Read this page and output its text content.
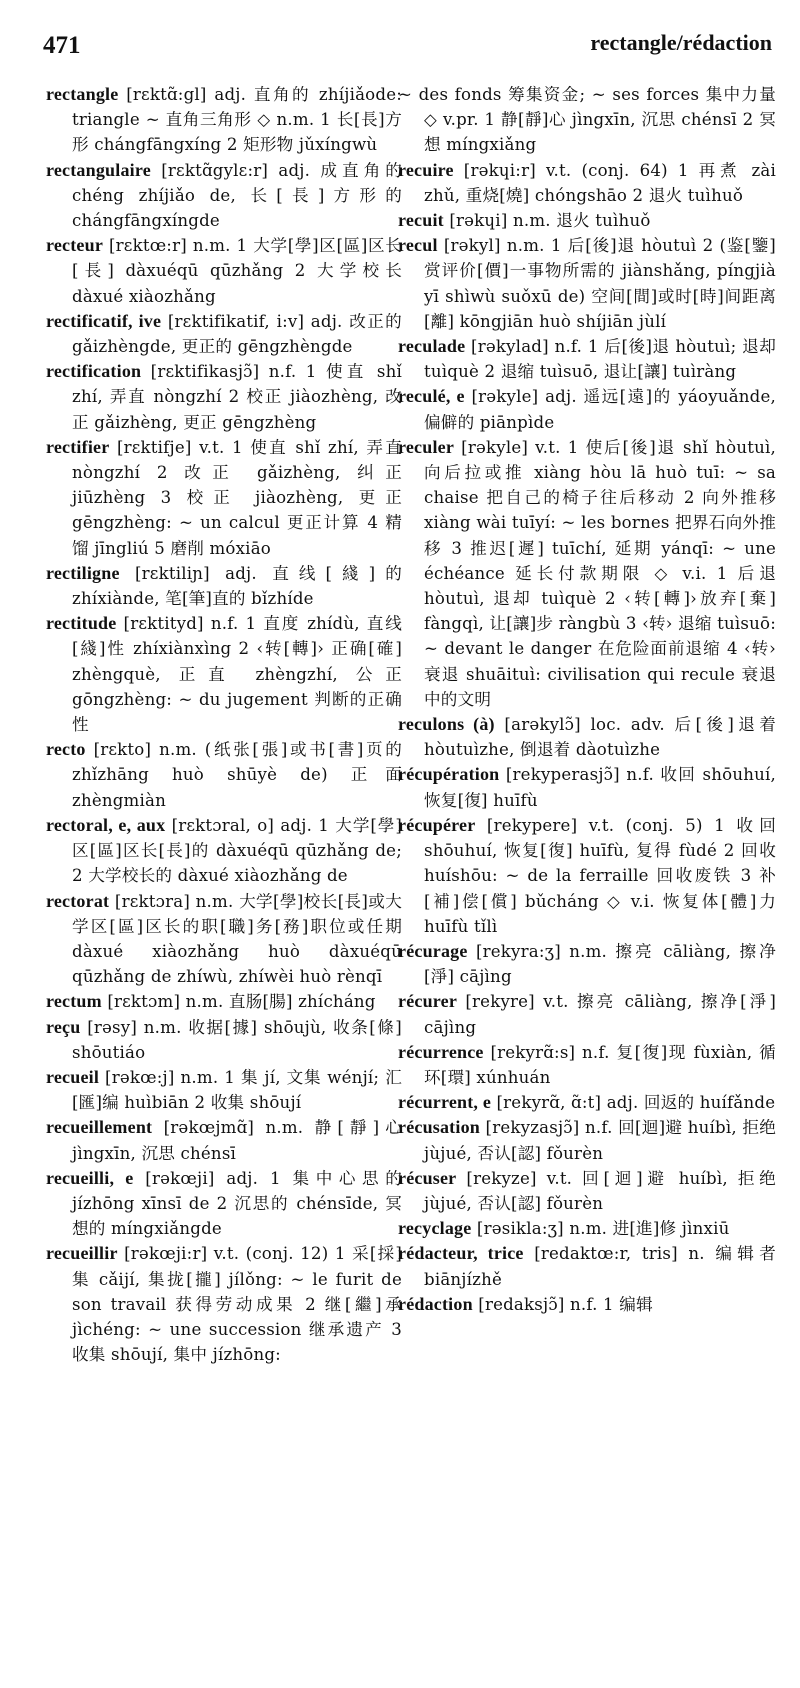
471	rectangle/rédaction

rectangle [rɛktɑ̃:gl] adj. 直角的 zhíjiǎode: triangle ~ 直角三角形 ◇ n.m. 1 长[長]方形 chángfāngxíng 2 矩形物 jǔxíngwù

rectangulaire [rɛktɑ̃gylɛ:r] adj. 成直角的 chéng zhíjiǎo de, 长[長]方形的 chángfāngxíngde

recteur [rɛktœ:r] n.m. 1 大学[學]区[區]区长[長] dàxuéqū qūzhǎng 2 大学校长 dàxué xiàozhǎng

rectificatif, ive [rɛktifikatif, i:v] adj. 改正的 gǎizhèngde, 更正的 gēngzhèngde

rectification [rɛktifikasjɔ̃] n.f. 1 使直 shǐ zhí, 弄直 nòngzhí 2 校正 jiàozhèng, 改正 gǎizhèng, 更正 gēngzhèng

rectifier [rɛktifje] v.t. 1 使直 shǐ zhí, 弄直 nòngzhí 2 改正 gǎizhèng, 纠正 jiūzhèng 3 校正 jiàozhèng, 更正 gēngzhèng: ~ un calcul 更正计算 4 精馏 jīngliú 5 磨削 móxiāo

rectiligne [rɛktiliɲ] adj. 直线[綫]的 zhíxiànde, 笔[筆]直的 bǐzhíde

rectitude [rɛktityd] n.f. 1 直度 zhídù, 直线[綫]性 zhíxiànxìng 2 ‹转[轉]› 正确[確] zhèngquè, 正直 zhèngzhí, 公正 gōngzhèng: ~ du jugement 判断的正确性

recto [rɛkto] n.m. (纸张[張]或书[書]页的 zhǐzhāng huò shūyè de) 正面 zhèngmiàn

rectoral, e, aux [rɛktɔral, o] adj. 1 大学[學]区[區]区长[長]的 dàxuéqū qūzhǎng de; 2 大学校长的 dàxué xiàozhǎng de

rectorat [rɛktɔra] n.m. 大学[學]校长[長]或大学区[區]区长的职[職]务[務]职位或任期 dàxué xiàozhǎng huò dàxuéqū qūzhǎng de zhíwù, zhíwèi huò rènqī

rectum [rɛktɔm] n.m. 直肠[腸] zhícháng

reçu [rəsy] n.m. 收据[據] shōujù, 收条[條] shōutiáo

recueil [rəkœ:j] n.m. 1 集 jí, 文集 wénjí; 汇[匯]编 huìbiān 2 收集 shōují

recueillement [rəkœjmɑ̃] n.m. 静[靜]心 jìngxīn, 沉思 chénsī

recueilli, e [rəkœji] adj. 1 集中心思的 jízhōng xīnsī de 2 沉思的 chénsīde, 冥想的 míngxiǎngde

recueillir [rəkœji:r] v.t. (conj. 12) 1 采[採]集 cǎijí, 集拢[攏] jílǒng: ~ le furit de son travail 获得劳动成果 2 继[繼]承 jìchéng: ~ une succession 继承遗产 3 收集 shōují, 集中 jízhōng:

~ des fonds 筹集资金; ~ ses forces 集中力量 ◇ v.pr. 1 静[靜]心 jìngxīn, 沉思 chénsī 2 冥想 míngxiǎng

recuire [rəkɥi:r] v.t. (conj. 64) 1 再煮 zài zhǔ, 重烧[燒] chóngshāo 2 退火 tuìhuǒ

recuit [rəkɥi] n.m. 退火 tuìhuǒ

recul [rəkyl] n.m. 1 后[後]退 hòutuì 2 (鉴[鑒]赏评价[價]一事物所需的 jiànshǎng, píngjià yī shìwù suǒxū de) 空间[間]或时[時]间距离[離] kōngjiān huò shíjiān jùlí

reculade [rəkylad] n.f. 1 后[後]退 hòutuì; 退却 tuìquè 2 退缩 tuìsuō, 退让[讓] tuìràng

reculé, e [rəkyle] adj. 遥远[遠]的 yáoyuǎnde, 偏僻的 piānpìde

reculer [rəkyle] v.t. 1 使后[後]退 shǐ hòutuì, 向后拉或推 xiàng hòu lā huò tuī: ~ sa chaise 把自己的椅子往后移动 2 向外推移 xiàng wài tuīyí: ~ les bornes 把界石向外推移 3 推迟[遲] tuīchí, 延期 yánqī: ~ une échéance 延长付款期限 ◇ v.i. 1 后退 hòutuì, 退却 tuìquè 2 ‹转[轉]›放弃[棄] fàngqì, 让[讓]步 ràngbù 3 ‹转› 退缩 tuìsuō: ~ devant le danger 在危险面前退缩 4 ‹转› 衰退 shuāituì: civilisation qui recule 衰退中的文明

reculons (à) [arəkylɔ̃] loc. adv. 后[後]退着 hòutuìzhe, 倒退着 dàotuìzhe

récupération [rekyperasjɔ̃] n.f. 收回 shōuhuí, 恢复[復] huīfù

récupérer [rekypere] v.t. (conj. 5) 1 收回 shōuhuí, 恢复[復] huīfù, 复得 fùdé 2 回收 huíshōu: ~ de la ferraille 回收废铁 3 补[補]偿[償] bǔcháng ◇ v.i. 恢复体[體]力 huīfù tǐlì

récurage [rekyra:ʒ] n.m. 擦亮 cāliàng, 擦净[淨] cājìng

récurer [rekyre] v.t. 擦亮 cāliàng, 擦净[淨] cājìng

récurrence [rekyrɑ̃:s] n.f. 复[復]现 fùxiàn, 循环[環] xúnhuán

récurrent, e [rekyrɑ̃, ɑ̃:t] adj. 回返的 huífǎnde

récusation [rekyzasjɔ̃] n.f. 回[迴]避 huíbì, 拒绝 jùjué, 否认[認] fǒurèn

récuser [rekyze] v.t. 回[迴]避 huíbì, 拒绝 jùjué, 否认[認] fǒurèn

recyclage [rəsikla:ʒ] n.m. 进[進]修 jìnxiū

rédacteur, trice [redaktœ:r, tris] n. 编辑者 biānjízhě

rédaction [redaksjɔ̃] n.f. 1 编辑
